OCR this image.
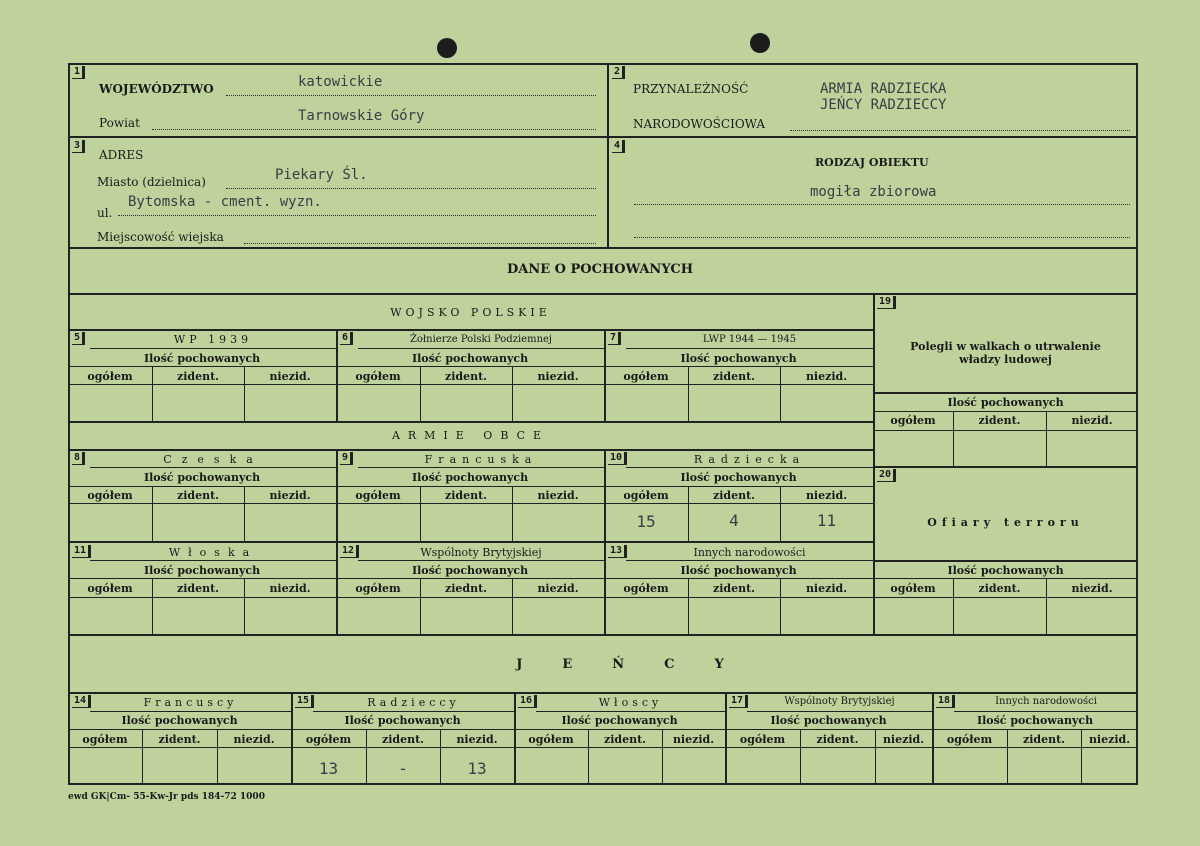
1
WOJEWÓDZTWO	katowickie
Powiat	Tarnowskie Góry
2
PRZYNALEŻNOŚĆ
NARODOWOŚCIOWA
ARMIA RADZIECKA
JEŃCY RADZIECCY
3
ADRES
Miasto (dzielnica)	Piekary Śl.
ul.
Bytomska - cment. wyzn.
Miejscowość wiejska
4
RODZAJ OBIEKTU
mogiła zbiorowa
DANE O POCHOWANYCH
WOJSKO POLSKIE
5	WP 1939
Ilość pochowanych
ogółem	zident.	niezid.
6	Żołnierze Polski Podziemnej
Ilość pochowanych
ogółem	zident.	niezid.
7	LWP 1944 — 1945
Ilość pochowanych
ogółem	zident.	niezid.
ARMIE OBCE
8	Czeska
Ilość pochowanych
ogółem	zident.	niezid.
9	Francuska
Ilość pochowanych
ogółem	zident.	niezid.
10	Radziecka
Ilość pochowanych
ogółem	zident.	niezid.
15	4	11
11	Włoska
Ilość pochowanych
ogółem	zident.	niezid.
12	Wspólnoty Brytyjskiej
Ilość pochowanych
ogółem	ziednt.	niezid.
13	Innych narodowości
Ilość pochowanych
ogółem	zident.	niezid.
19
Polegli w walkach o utrwalenie
władzy ludowej
Ilość pochowanych
ogółem	zident.	niezid.
20
Ofiary terroru
Ilość pochowanych
ogółem	zident.	niezid.
JEŃCY
14	Francuscy
Ilość pochowanych
ogółem	zident.	niezid.
15	Radzieccy
Ilość pochowanych
ogółem	zident.	niezid.
13	-	13
16	Włoscy
Ilość pochowanych
ogółem	zident.	niezid.
17	Wspólnoty Brytyjskiej
Ilość pochowanych
ogółem	zident.	niezid.
18	Innych narodowości
Ilość pochowanych
ogółem	zident.	niezid.
ewd GK|Cm- 55-Kw-Jr pds 184-72 1000
